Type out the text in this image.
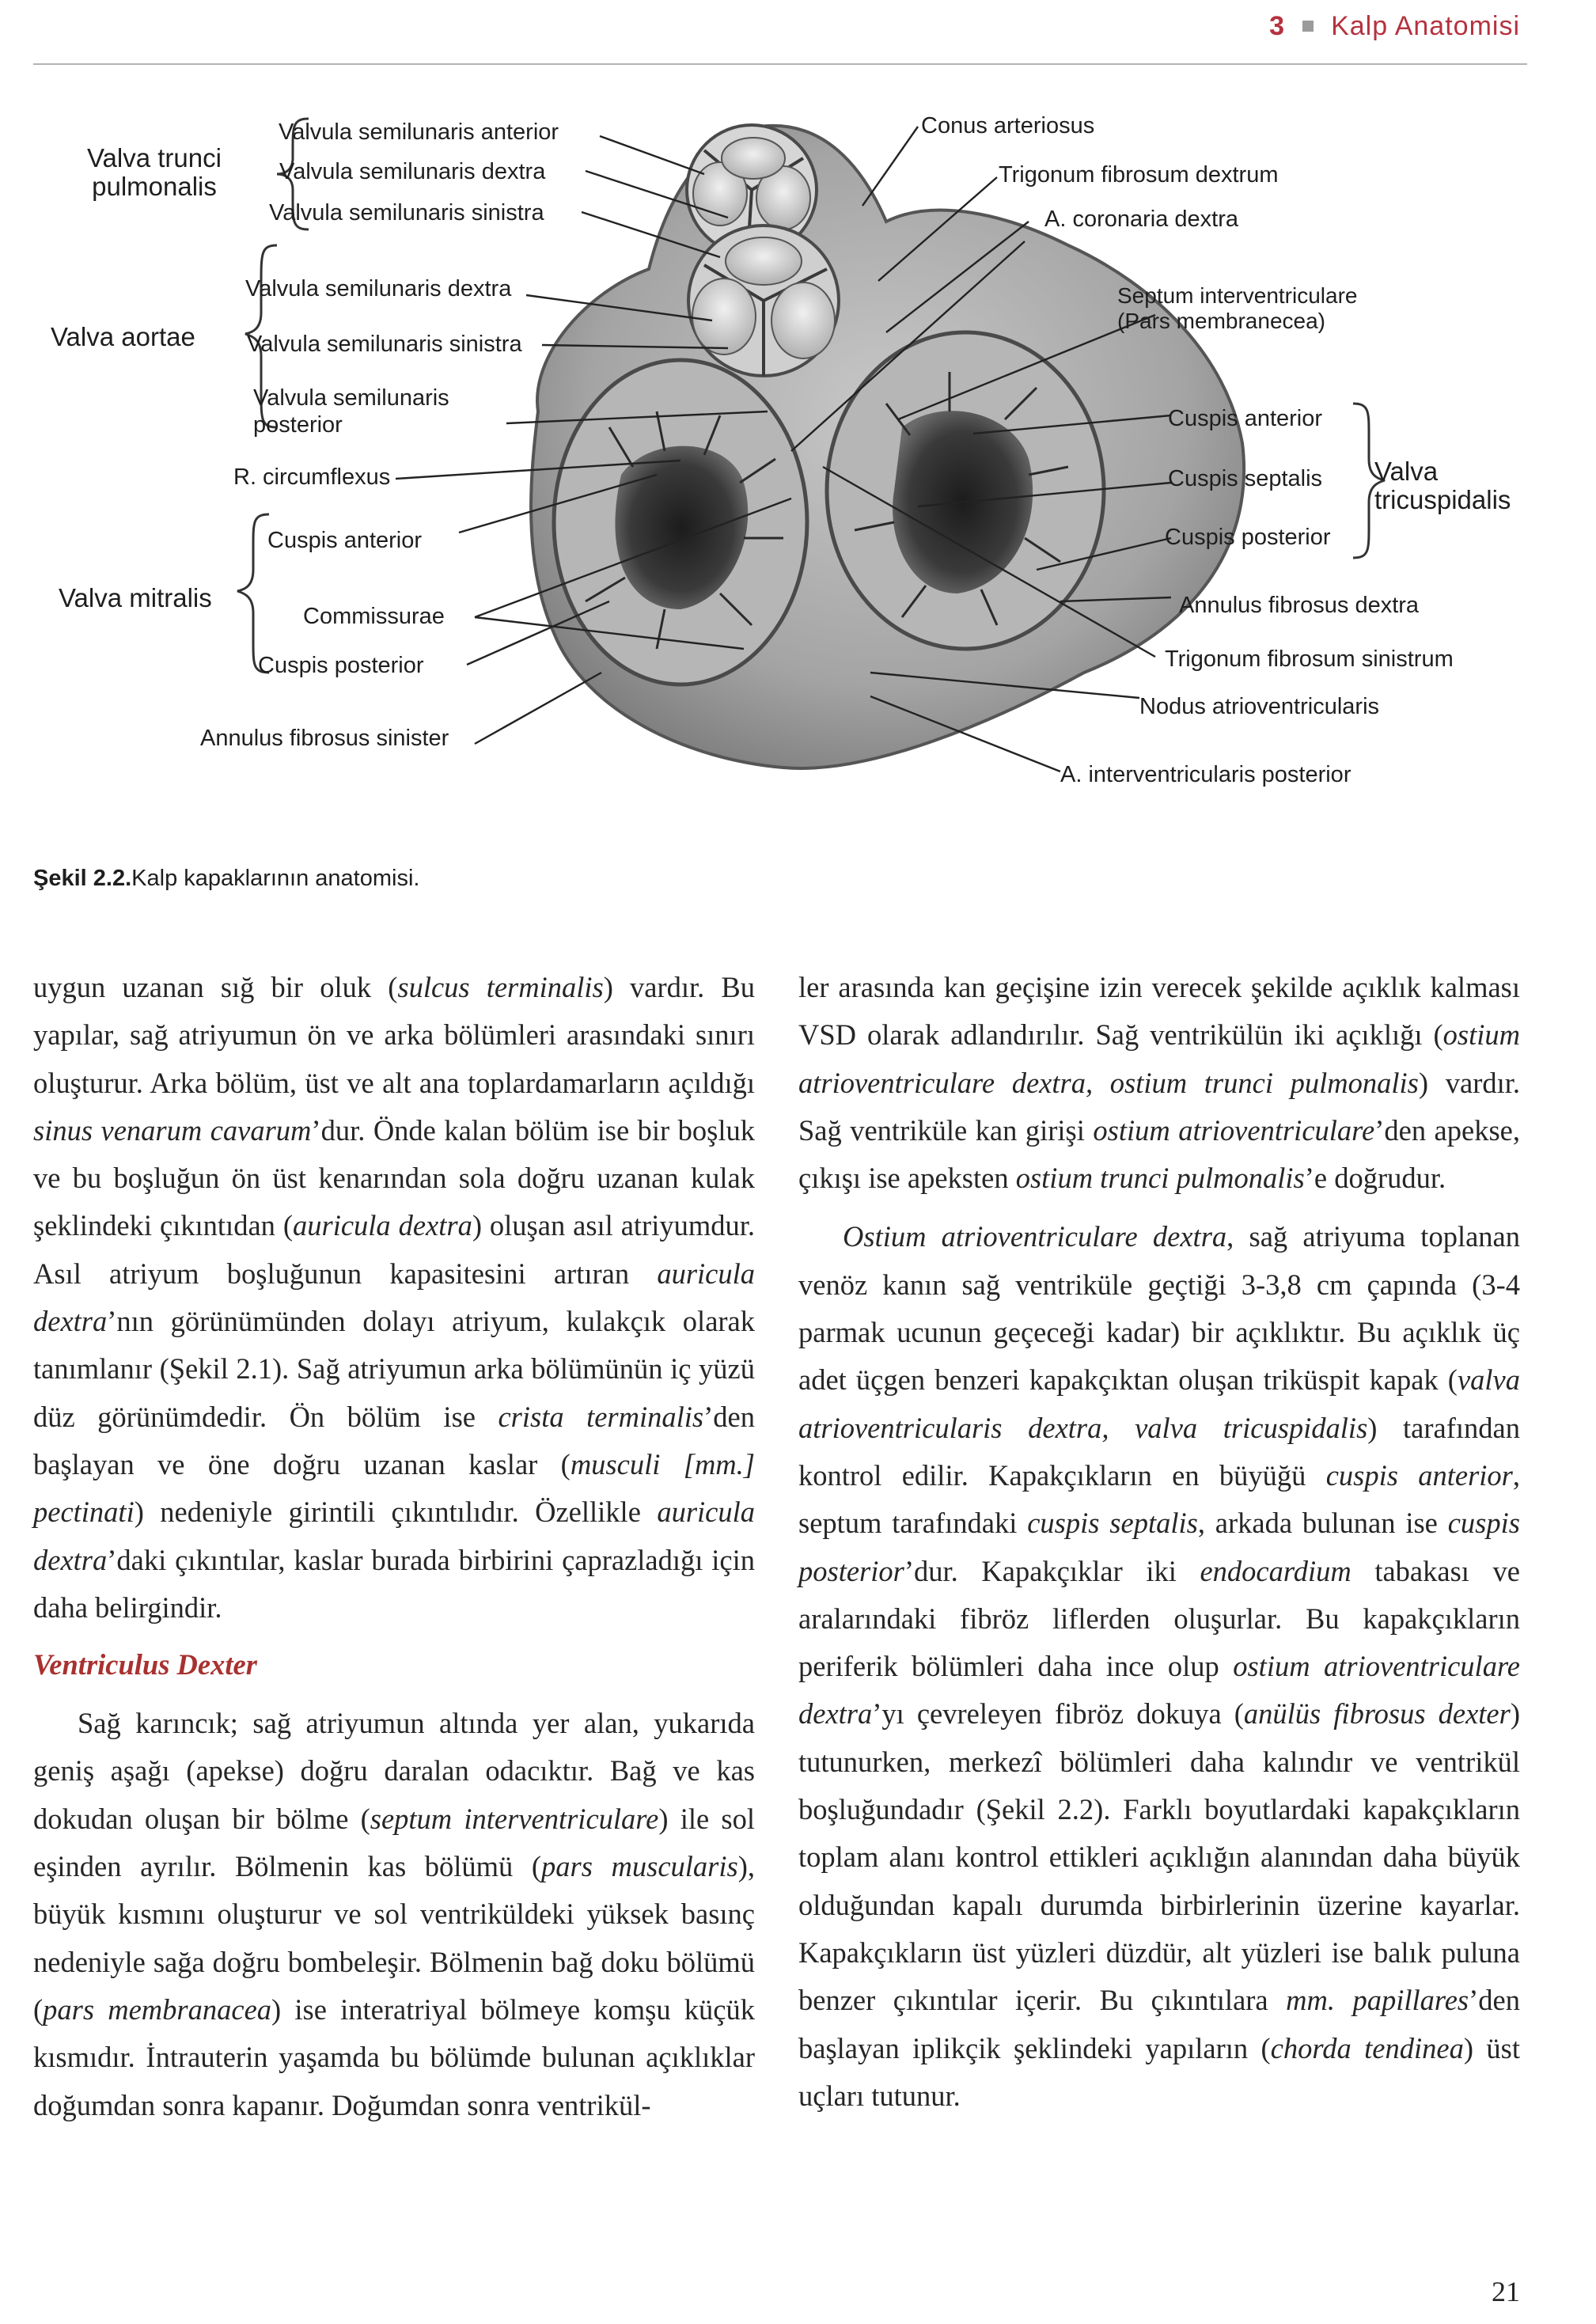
3 Kalp Anatomisi
Valva trunci
pulmonalis
Valva aortae
Valva mitralis
Valva
tricuspidalis
Valvula semilunaris anterior
Valvula semilunaris dextra
Valvula semilunaris sinistra
Valvula semilunaris dextra
Valvula semilunaris sinistra
Valvula semilunaris
posterior
R. circumflexus
Cuspis anterior
Commissurae
Cuspis posterior
Annulus fibrosus sinister
Conus arteriosus
Trigonum fibrosum dextrum
A. coronaria dextra
Septum interventriculare
(Pars membranecea)
Cuspis anterior
Cuspis septalis
Cuspis posterior
Annulus fibrosus dextra
Trigonum fibrosum sinistrum
Nodus atrioventricularis
A. interventricularis posterior
Şekil 2.2.Kalp kapaklarının anatomisi.

uygun uzanan sığ bir oluk (sulcus terminalis) vardır. Bu yapılar, sağ atriyumun ön ve arka bölümleri arasındaki sınırı oluşturur. Arka bölüm, üst ve alt ana toplardamarların açıldığı sinus venarum cavarum’dur. Önde kalan bölüm ise bir boşluk ve bu boşluğun ön üst kenarından sola doğru uzanan kulak şeklindeki çıkıntıdan (auricula dextra) oluşan asıl atriyumdur. Asıl atriyum boşluğunun kapasitesini artıran auricula dextra’nın görünümünden dolayı atriyum, kulakçık olarak tanımlanır (Şekil 2.1). Sağ atriyumun arka bölümünün iç yüzü düz görünümdedir. Ön bölüm ise crista terminalis’den başlayan ve öne doğru uzanan kaslar (musculi [mm.] pectinati) nedeniyle girintili çıkıntılıdır. Özellikle auricula dextra’daki çıkıntılar, kaslar burada birbirini çaprazladığı için daha belirgindir.

Ventriculus Dexter

Sağ karıncık; sağ atriyumun altında yer alan, yukarıda geniş aşağı (apekse) doğru daralan odacıktır. Bağ ve kas dokudan oluşan bir bölme (septum interventriculare) ile sol eşinden ayrılır. Bölmenin kas bölümü (pars muscularis), büyük kısmını oluşturur ve sol ventriküldeki yüksek basınç nedeniyle sağa doğru bombeleşir. Bölmenin bağ doku bölümü (pars membranacea) ise interatriyal bölmeye komşu küçük kısmıdır. İntrauterin yaşamda bu bölümde bulunan açıklıklar doğumdan sonra kapanır. Doğumdan sonra ventrikül-

ler arasında kan geçişine izin verecek şekilde açıklık kalması VSD olarak adlandırılır. Sağ ventrikülün iki açıklığı (ostium atrioventriculare dextra, ostium trunci pulmonalis) vardır. Sağ ventriküle kan girişi ostium atrioventriculare’den apekse, çıkışı ise apeksten ostium trunci pulmonalis’e doğrudur.

Ostium atrioventriculare dextra, sağ atriyuma toplanan venöz kanın sağ ventriküle geçtiği 3-3,8 cm çapında (3-4 parmak ucunun geçeceği kadar) bir açıklıktır. Bu açıklık üç adet üçgen benzeri kapakçıktan oluşan triküspit kapak (valva atrioventricularis dextra, valva tricuspidalis) tarafından kontrol edilir. Kapakçıkların en büyüğü cuspis anterior, septum tarafındaki cuspis septalis, arkada bulunan ise cuspis posterior’dur. Kapakçıklar iki endocardium tabakası ve aralarındaki fibröz liflerden oluşurlar. Bu kapakçıkların periferik bölümleri daha ince olup ostium atrioventriculare dextra’yı çevreleyen fibröz dokuya (anülüs fibrosus dexter) tutunurken, merkezî bölümleri daha kalındır ve ventrikül boşluğundadır (Şekil 2.2). Farklı boyutlardaki kapakçıkların toplam alanı kontrol ettikleri açıklığın alanından daha büyük olduğundan kapalı durumda birbirlerinin üzerine kayarlar. Kapakçıkların üst yüzleri düzdür, alt yüzleri ise balık puluna benzer çıkıntılar içerir. Bu çıkıntılara mm. papillares’den başlayan iplikçik şeklindeki yapıların (chorda tendinea) üst uçları tutunur.

21
